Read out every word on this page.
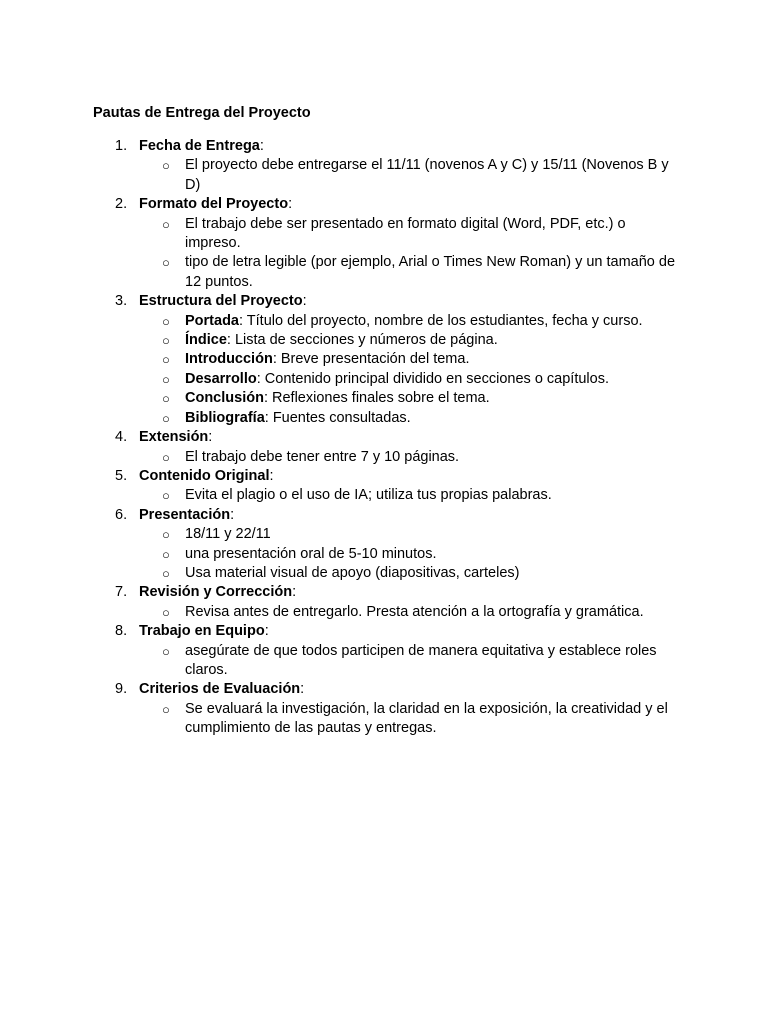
Pautas de Entrega del Proyecto
1. Fecha de Entrega:
○ El proyecto debe entregarse el 11/11 (novenos A y C) y 15/11 (Novenos B y D)
2. Formato del Proyecto:
○ El trabajo debe ser presentado en formato digital (Word, PDF, etc.) o impreso.
○ tipo de letra legible (por ejemplo, Arial o Times New Roman) y un tamaño de 12 puntos.
3. Estructura del Proyecto:
○ Portada: Título del proyecto, nombre de los estudiantes, fecha y curso.
○ Índice: Lista de secciones y números de página.
○ Introducción: Breve presentación del tema.
○ Desarrollo: Contenido principal dividido en secciones o capítulos.
○ Conclusión: Reflexiones finales sobre el tema.
○ Bibliografía: Fuentes consultadas.
4. Extensión:
○ El trabajo debe tener entre 7 y 10 páginas.
5. Contenido Original:
○ Evita el plagio o el uso de IA; utiliza tus propias palabras.
6. Presentación:
○ 18/11 y 22/11
○ una presentación oral de 5-10 minutos.
○ Usa material visual de apoyo (diapositivas, carteles)
7. Revisión y Corrección:
○ Revisa antes de entregarlo. Presta atención a la ortografía y gramática.
8. Trabajo en Equipo:
○ asegúrate de que todos participen de manera equitativa y establece roles claros.
9. Criterios de Evaluación:
○ Se evaluará la investigación, la claridad en la exposición, la creatividad y el cumplimiento de las pautas y entregas.
